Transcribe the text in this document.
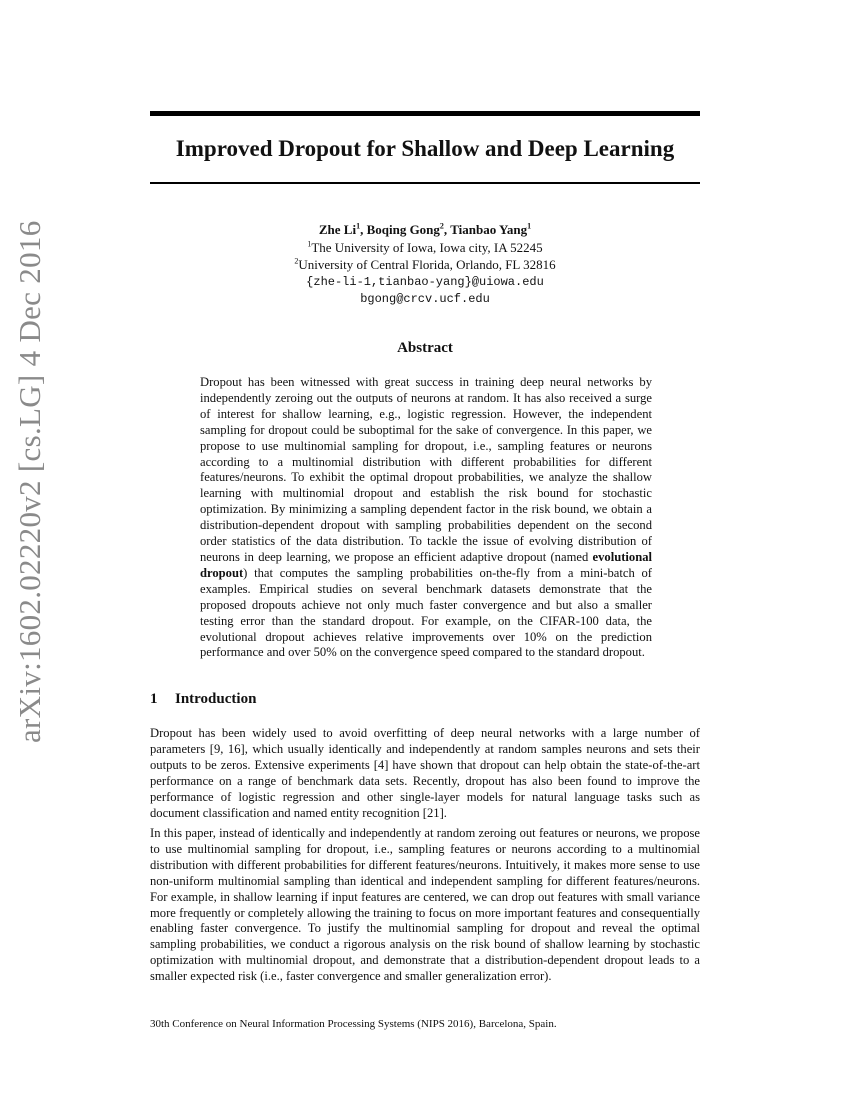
arXiv:1602.02220v2 [cs.LG] 4 Dec 2016
Improved Dropout for Shallow and Deep Learning
Zhe Li$^1$, Boqing Gong$^2$, Tianbao Yang$^1$
$^1$The University of Iowa, Iowa city, IA 52245
$^2$University of Central Florida, Orlando, FL 32816
{zhe-li-1,tianbao-yang}@uiowa.edu
bgong@crcv.ucf.edu
Abstract
Dropout has been witnessed with great success in training deep neural networks by independently zeroing out the outputs of neurons at random. It has also received a surge of interest for shallow learning, e.g., logistic regression. However, the independent sampling for dropout could be suboptimal for the sake of convergence. In this paper, we propose to use multinomial sampling for dropout, i.e., sampling features or neurons according to a multinomial distribution with different probabilities for different features/neurons. To exhibit the optimal dropout probabilities, we analyze the shallow learning with multinomial dropout and establish the risk bound for stochastic optimization. By minimizing a sampling dependent factor in the risk bound, we obtain a distribution-dependent dropout with sampling probabilities dependent on the second order statistics of the data distribution. To tackle the issue of evolving distribution of neurons in deep learning, we propose an efficient adaptive dropout (named evolutional dropout) that computes the sampling probabilities on-the-fly from a mini-batch of examples. Empirical studies on several benchmark datasets demonstrate that the proposed dropouts achieve not only much faster convergence and but also a smaller testing error than the standard dropout. For example, on the CIFAR-100 data, the evolutional dropout achieves relative improvements over 10% on the prediction performance and over 50% on the convergence speed compared to the standard dropout.
1 Introduction

Dropout has been widely used to avoid overfitting of deep neural networks with a large number of parameters [9, 16], which usually identically and independently at random samples neurons and sets their outputs to be zeros. Extensive experiments [4] have shown that dropout can help obtain the state-of-the-art performance on a range of benchmark data sets. Recently, dropout has also been found to improve the performance of logistic regression and other single-layer models for natural language tasks such as document classification and named entity recognition [21].

In this paper, instead of identically and independently at random zeroing out features or neurons, we propose to use multinomial sampling for dropout, i.e., sampling features or neurons according to a multinomial distribution with different probabilities for different features/neurons. Intuitively, it makes more sense to use non-uniform multinomial sampling than identical and independent sampling for different features/neurons. For example, in shallow learning if input features are centered, we can drop out features with small variance more frequently or completely allowing the training to focus on more important features and consequentially enabling faster convergence. To justify the multinomial sampling for dropout and reveal the optimal sampling probabilities, we conduct a rigorous analysis on the risk bound of shallow learning by stochastic optimization with multinomial dropout, and demonstrate that a distribution-dependent dropout leads to a smaller expected risk (i.e., faster convergence and smaller generalization error).

30th Conference on Neural Information Processing Systems (NIPS 2016), Barcelona, Spain.
